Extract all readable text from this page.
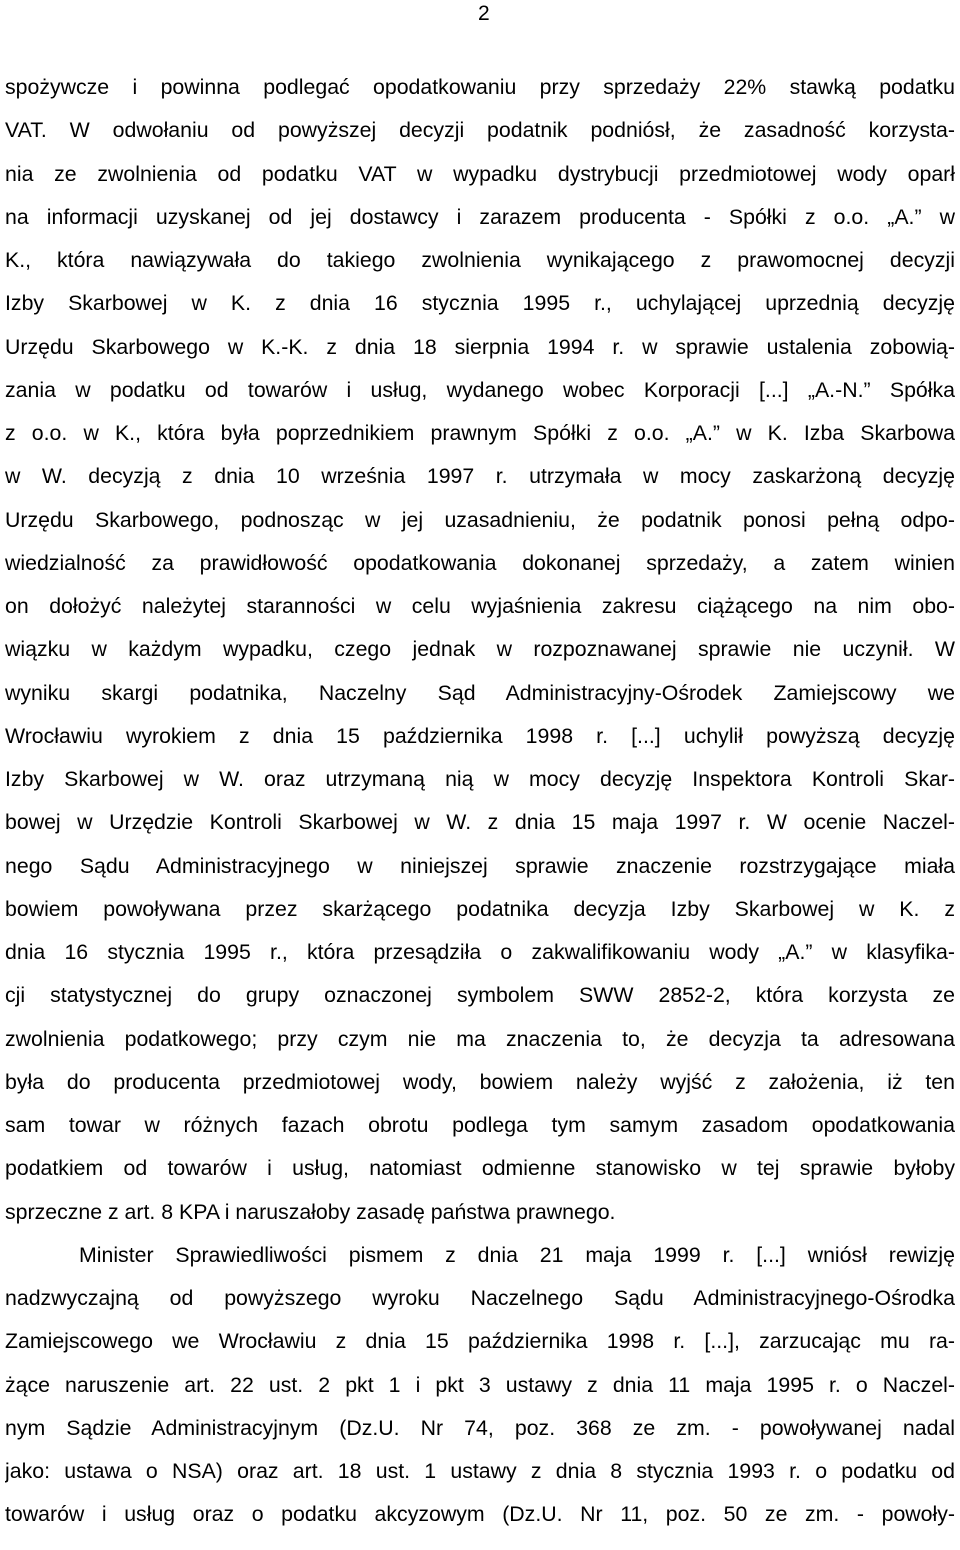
2
spożywcze i powinna podlegać opodatkowaniu przy sprzedaży 22% stawką podatku
VAT. W odwołaniu od powyższej decyzji podatnik podniósł, że zasadność korzysta-
nia ze zwolnienia od podatku VAT w wypadku dystrybucji przedmiotowej wody oparł
na informacji uzyskanej od jej dostawcy i zarazem producenta - Spółki z o.o. „A.” w
K., która nawiązywała do takiego zwolnienia wynikającego z prawomocnej decyzji
Izby Skarbowej w K. z dnia 16 stycznia 1995 r., uchylającej uprzednią decyzję
Urzędu Skarbowego w K.-K. z dnia 18 sierpnia 1994 r. w sprawie ustalenia zobowią-
zania w podatku od towarów i usług, wydanego wobec Korporacji [...] „A.-N.” Spółka
z o.o. w K., która była poprzednikiem prawnym Spółki z o.o. „A.” w K. Izba Skarbowa
w W. decyzją z dnia 10 września 1997 r. utrzymała w mocy zaskarżoną decyzję
Urzędu Skarbowego, podnosząc w jej uzasadnieniu, że podatnik ponosi pełną odpo-
wiedzialność za prawidłowość opodatkowania dokonanej sprzedaży, a zatem winien
on dołożyć należytej staranności w celu wyjaśnienia zakresu ciążącego na nim obo-
wiązku w każdym wypadku, czego jednak w rozpoznawanej sprawie nie uczynił. W
wyniku skargi podatnika, Naczelny Sąd Administracyjny-Ośrodek Zamiejscowy we
Wrocławiu wyrokiem z dnia 15 października 1998 r. [...] uchylił powyższą decyzję
Izby Skarbowej w W. oraz utrzymaną nią w mocy decyzję Inspektora Kontroli Skar-
bowej w Urzędzie Kontroli Skarbowej w W. z dnia 15 maja 1997 r. W ocenie Naczel-
nego Sądu Administracyjnego w niniejszej sprawie znaczenie rozstrzygające miała
bowiem powoływana przez skarżącego podatnika decyzja Izby Skarbowej w K. z
dnia 16 stycznia 1995 r., która przesądziła o zakwalifikowaniu wody „A.” w klasyfika-
cji statystycznej do grupy oznaczonej symbolem SWW 2852-2, która korzysta ze
zwolnienia podatkowego; przy czym nie ma znaczenia to, że decyzja ta adresowana
była do producenta przedmiotowej wody, bowiem należy wyjść z założenia, iż ten
sam towar w różnych fazach obrotu podlega tym samym zasadom opodatkowania
podatkiem od towarów i usług, natomiast odmienne stanowisko w tej sprawie byłoby
sprzeczne z art. 8 KPA i naruszałoby zasadę państwa prawnego.
Minister Sprawiedliwości pismem z dnia 21 maja 1999 r. [...] wniósł rewizję
nadzwyczajną od powyższego wyroku Naczelnego Sądu Administracyjnego-Ośrodka
Zamiejscowego we Wrocławiu z dnia 15 października 1998 r. [...], zarzucając mu ra-
żące naruszenie art. 22 ust. 2 pkt 1 i pkt 3 ustawy z dnia 11 maja 1995 r. o Naczel-
nym Sądzie Administracyjnym (Dz.U. Nr 74, poz. 368 ze zm. - powoływanej nadal
jako: ustawa o NSA) oraz art. 18 ust. 1 ustawy z dnia 8 stycznia 1993 r. o podatku od
towarów i usług oraz o podatku akcyzowym (Dz.U. Nr 11, poz. 50 ze zm. - powoły-
